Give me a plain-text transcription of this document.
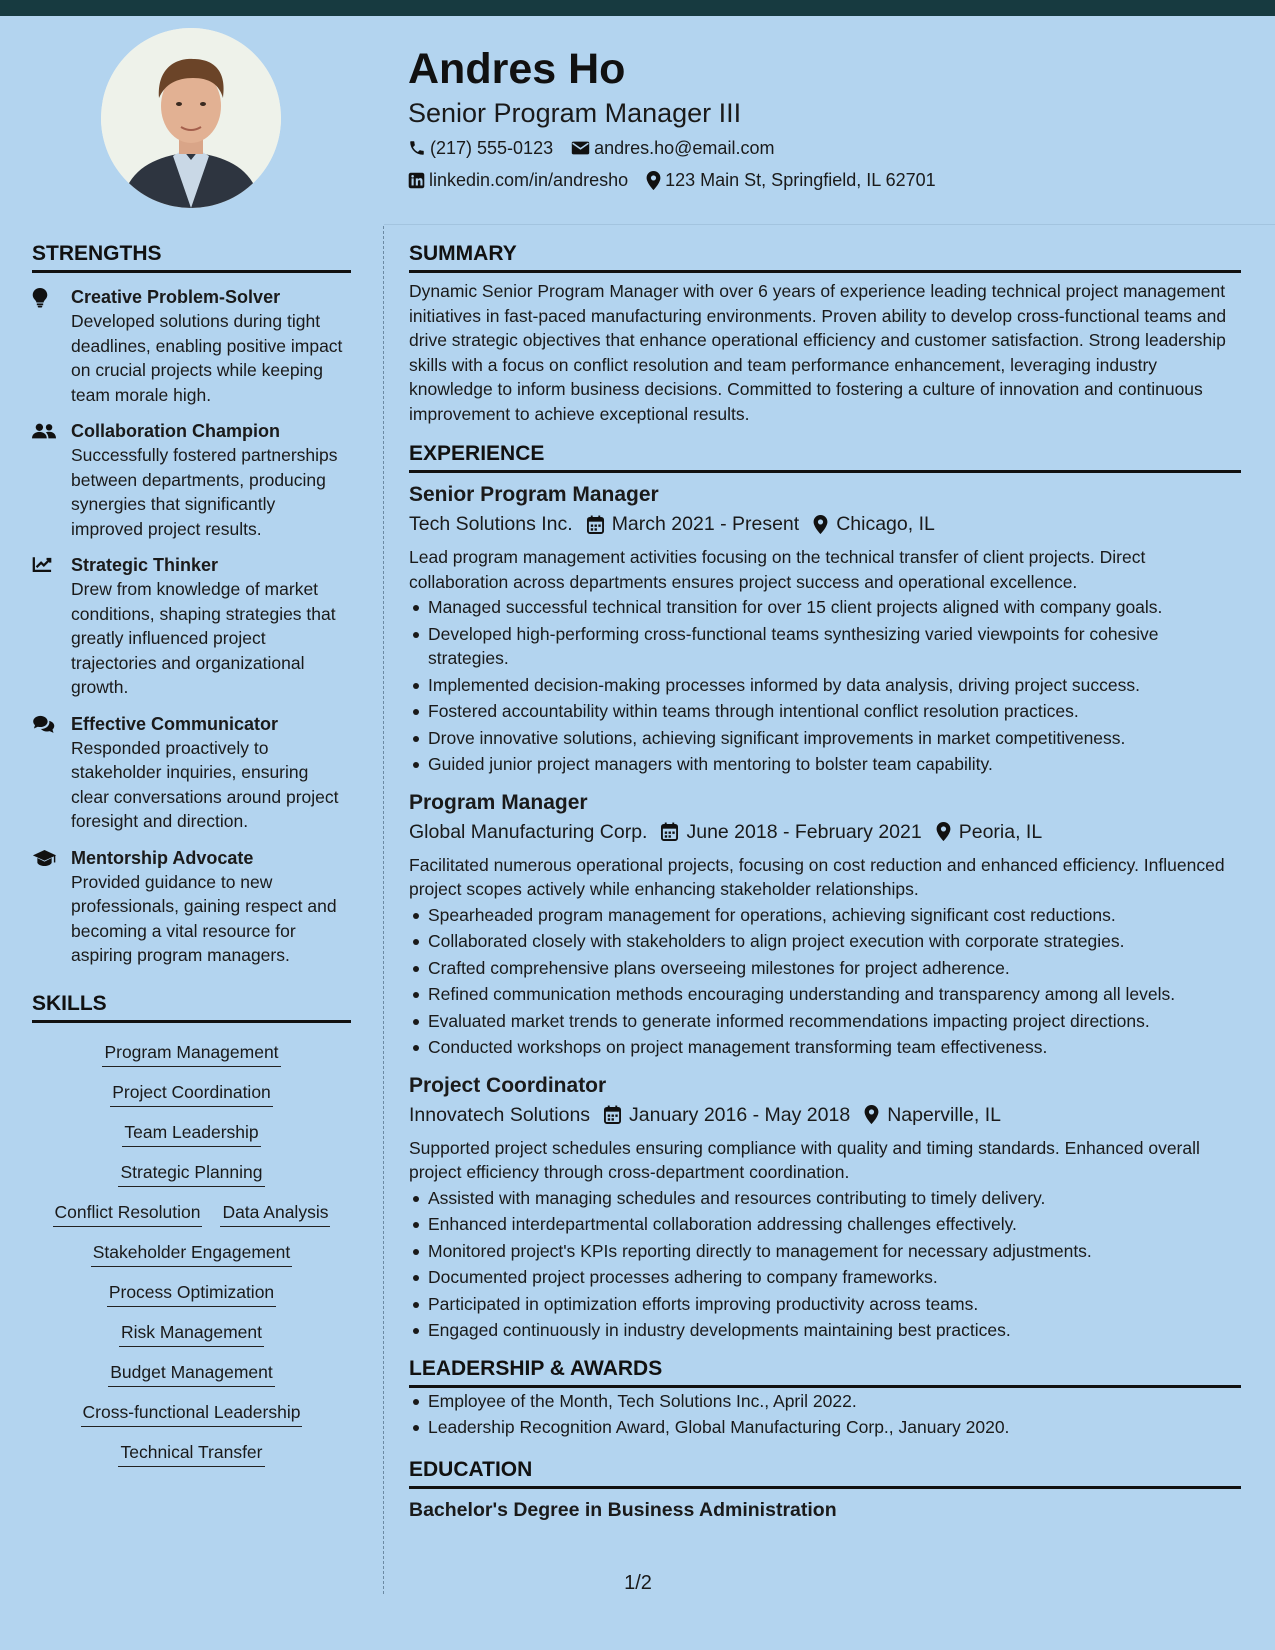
Andres Ho
Senior Program Manager III
(217) 555-0123 andres.ho@email.com
linkedin.com/in/andresho 123 Main St, Springfield, IL 62701
STRENGTHS
Creative Problem-Solver
Developed solutions during tight deadlines, enabling positive impact on crucial projects while keeping team morale high.
Collaboration Champion
Successfully fostered partnerships between departments, producing synergies that significantly improved project results.
Strategic Thinker
Drew from knowledge of market conditions, shaping strategies that greatly influenced project trajectories and organizational growth.
Effective Communicator
Responded proactively to stakeholder inquiries, ensuring clear conversations around project foresight and direction.
Mentorship Advocate
Provided guidance to new professionals, gaining respect and becoming a vital resource for aspiring program managers.
SKILLS
Program Management
Project Coordination
Team Leadership
Strategic Planning
Conflict Resolution Data Analysis
Stakeholder Engagement
Process Optimization
Risk Management
Budget Management
Cross-functional Leadership
Technical Transfer
SUMMARY
Dynamic Senior Program Manager with over 6 years of experience leading technical project management initiatives in fast-paced manufacturing environments. Proven ability to develop cross-functional teams and drive strategic objectives that enhance operational efficiency and customer satisfaction. Strong leadership skills with a focus on conflict resolution and team performance enhancement, leveraging industry knowledge to inform business decisions. Committed to fostering a culture of innovation and continuous improvement to achieve exceptional results.
EXPERIENCE
Senior Program Manager
Tech Solutions Inc. March 2021 - Present Chicago, IL
Lead program management activities focusing on the technical transfer of client projects. Direct collaboration across departments ensures project success and operational excellence.
Managed successful technical transition for over 15 client projects aligned with company goals.
Developed high-performing cross-functional teams synthesizing varied viewpoints for cohesive strategies.
Implemented decision-making processes informed by data analysis, driving project success.
Fostered accountability within teams through intentional conflict resolution practices.
Drove innovative solutions, achieving significant improvements in market competitiveness.
Guided junior project managers with mentoring to bolster team capability.
Program Manager
Global Manufacturing Corp. June 2018 - February 2021 Peoria, IL
Facilitated numerous operational projects, focusing on cost reduction and enhanced efficiency. Influenced project scopes actively while enhancing stakeholder relationships.
Spearheaded program management for operations, achieving significant cost reductions.
Collaborated closely with stakeholders to align project execution with corporate strategies.
Crafted comprehensive plans overseeing milestones for project adherence.
Refined communication methods encouraging understanding and transparency among all levels.
Evaluated market trends to generate informed recommendations impacting project directions.
Conducted workshops on project management transforming team effectiveness.
Project Coordinator
Innovatech Solutions January 2016 - May 2018 Naperville, IL
Supported project schedules ensuring compliance with quality and timing standards. Enhanced overall project efficiency through cross-department coordination.
Assisted with managing schedules and resources contributing to timely delivery.
Enhanced interdepartmental collaboration addressing challenges effectively.
Monitored project's KPIs reporting directly to management for necessary adjustments.
Documented project processes adhering to company frameworks.
Participated in optimization efforts improving productivity across teams.
Engaged continuously in industry developments maintaining best practices.
LEADERSHIP & AWARDS
Employee of the Month, Tech Solutions Inc., April 2022.
Leadership Recognition Award, Global Manufacturing Corp., January 2020.
EDUCATION
Bachelor's Degree in Business Administration
1/2
